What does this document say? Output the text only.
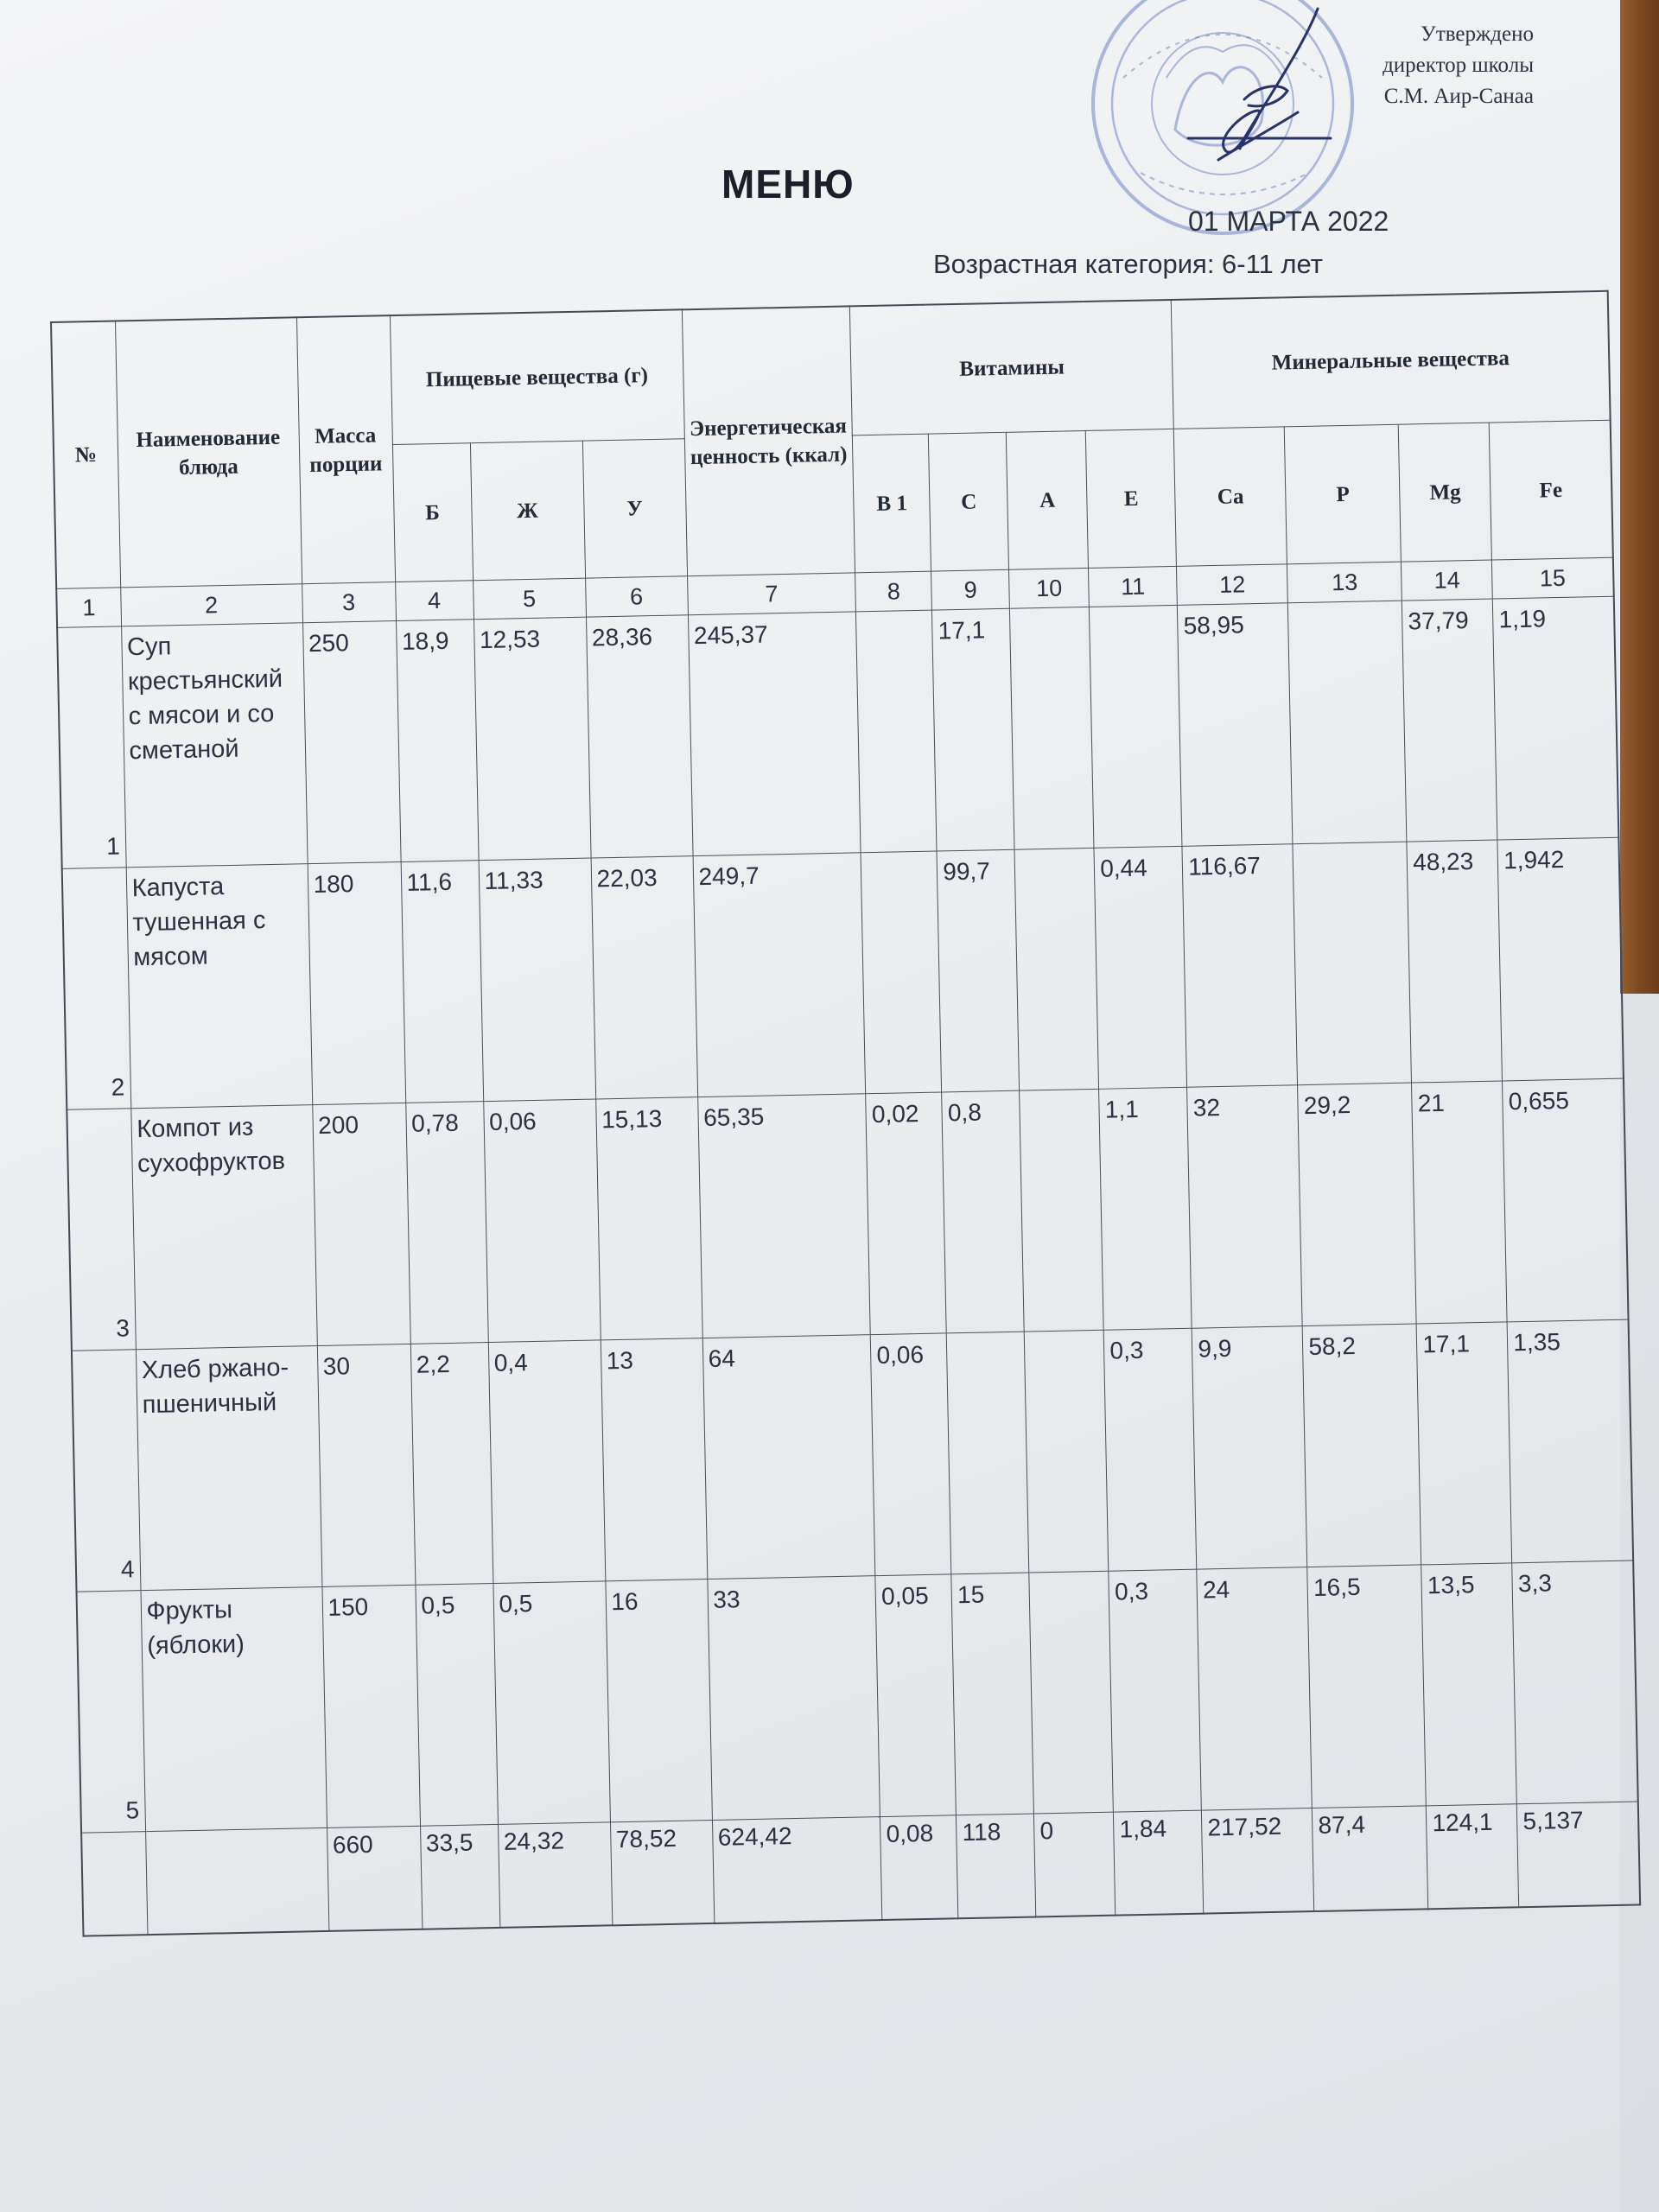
Утверждено
директор школы
С.М. Аир-Санаа
МЕНЮ
01 МАРТА 2022
Возрастная категория: 6-11 лет
№	Наименование блюда	Масса порции	Пищевые вещества (г)			Энергетическая ценность (ккал)	Витамины				Минеральные вещества			
			Б	Ж	У		B 1	C	A	E	Ca	P	Mg	Fe
1	2	3	4	5	6	7	8	9	10	11	12	13	14	15
1	Суп крестьянский с мясои и со сметаной	250	18,9	12,53	28,36	245,37		17,1			58,95		37,79	1,19
2	Капуста тушенная с мясом	180	11,6	11,33	22,03	249,7		99,7		0,44	116,67		48,23	1,942
3	Компот из сухофруктов	200	0,78	0,06	15,13	65,35	0,02	0,8		1,1	32	29,2	21	0,655
4	Хлеб ржано-пшеничный	30	2,2	0,4	13	64	0,06			0,3	9,9	58,2	17,1	1,35
5	Фрукты (яблоки)	150	0,5	0,5	16	33	0,05	15		0,3	24	16,5	13,5	3,3
		660	33,5	24,32	78,52	624,42	0,08	118	0	1,84	217,52	87,4	124,1	5,137
